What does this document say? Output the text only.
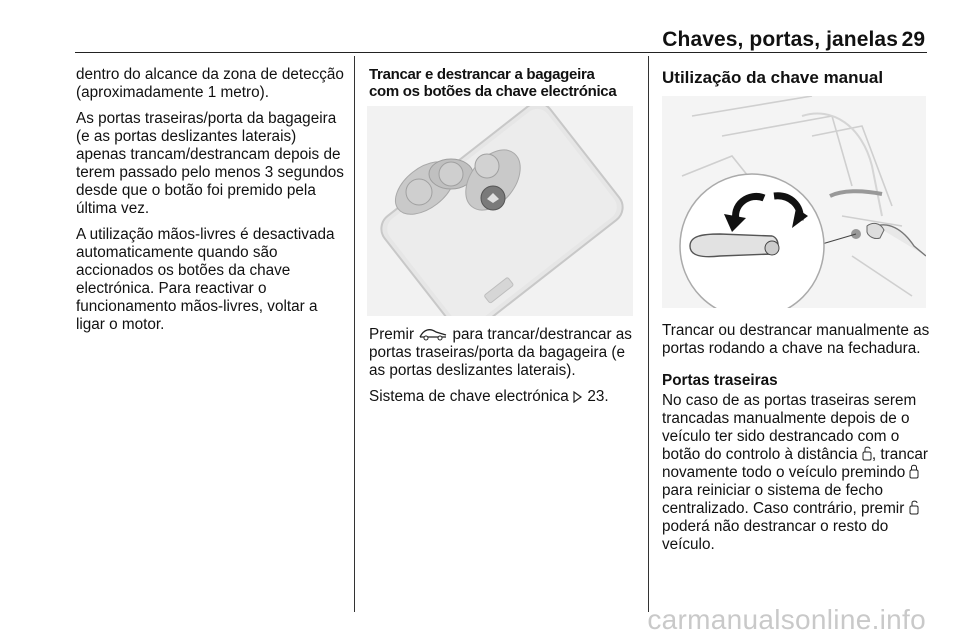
Chaves, portas, janelas 29

dentro do alcance da zona de detecção (aproximadamente 1 metro).

As portas traseiras/porta da bagageira (e as portas deslizantes laterais) apenas trancam/destrancam depois de terem passado pelo menos 3 segundos desde que o botão foi premido pela última vez.

A utilização mãos-livres é desactivada automaticamente quando são accionados os botões da chave electrónica. Para reactivar o funcionamento mãos-livres, voltar a ligar o motor.

Trancar e destrancar a bagageira
com os botões da chave electrónica

Premir  para trancar/destrancar as portas traseiras/porta da bagageira (e as portas deslizantes laterais).

Sistema de chave electrónica  23.

Utilização da chave manual

Trancar ou destrancar manualmente as portas rodando a chave na fechadura.

Portas traseiras

No caso de as portas traseiras serem trancadas manualmente depois de o veículo ter sido destrancado com o botão do controlo à distância , trancar novamente todo o veículo premindo  para reiniciar o sistema de fecho centralizado. Caso contrário, premir  poderá não destrancar o resto do veículo.

carmanualsonline.info
